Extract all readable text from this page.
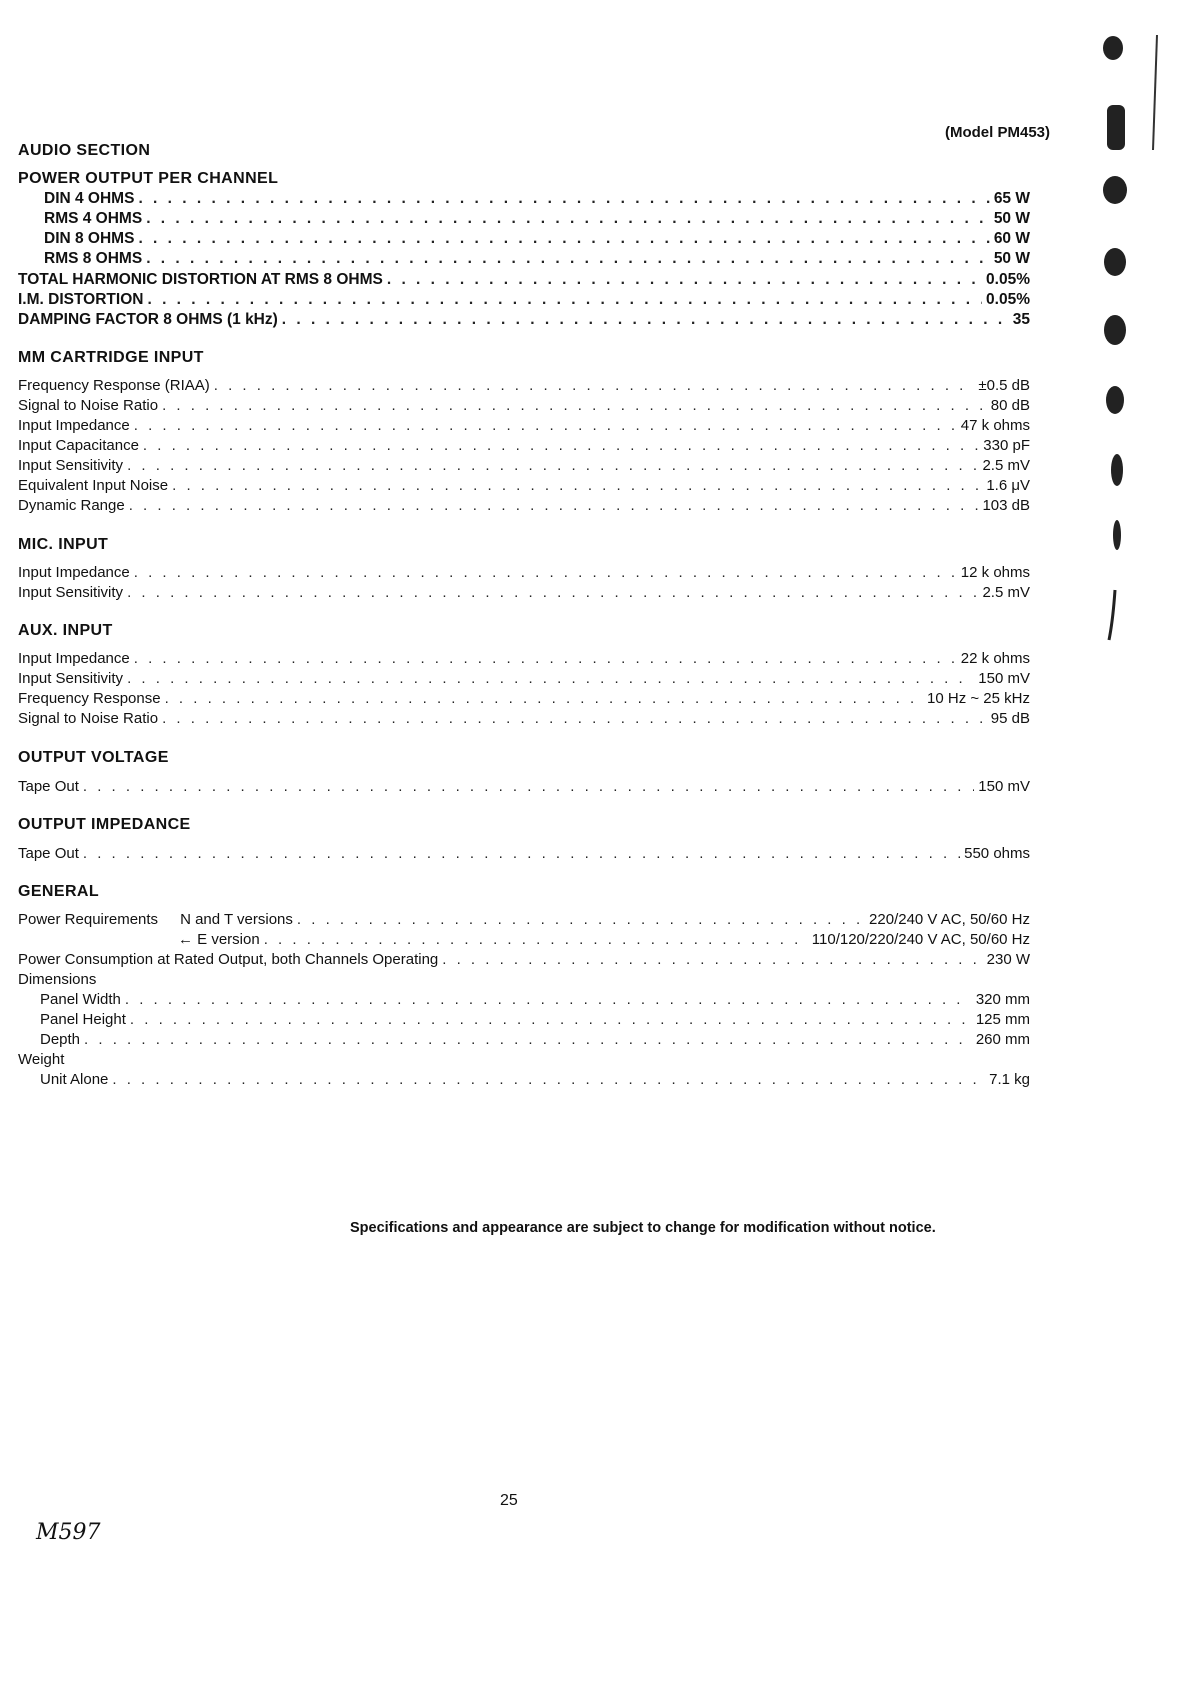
(Model PM453)
AUDIO SECTION
POWER OUTPUT PER CHANNEL
DIN 4 OHMS . . .	65 W
RMS 4 OHMS . . .	50 W
DIN 8 OHMS . . .	60 W
RMS 8 OHMS . . .	50 W
TOTAL HARMONIC DISTORTION AT RMS 8 OHMS . . .	0.05%
I.M. DISTORTION . . .	0.05%
DAMPING FACTOR 8 OHMS (1 kHz) . . .	35
MM CARTRIDGE INPUT
Frequency Response (RIAA) . . .	±0.5 dB
Signal to Noise Ratio . . .	80 dB
Input Impedance . . .	47 k ohms
Input Capacitance . . .	330 pF
Input Sensitivity . . .	2.5 mV
Equivalent Input Noise . . .	1.6 μV
Dynamic Range . . .	103 dB
MIC. INPUT
Input Impedance . . .	12 k ohms
Input Sensitivity . . .	2.5 mV
AUX. INPUT
Input Impedance . . .	22 k ohms
Input Sensitivity . . .	150 mV
Frequency Response . . .	10 Hz ~ 25 kHz
Signal to Noise Ratio . . .	95 dB
OUTPUT VOLTAGE
Tape Out . . .	150 mV
OUTPUT IMPEDANCE
Tape Out . . .	550 ohms
GENERAL
Power Requirements N and T versions . . .	220/240 V AC, 50/60 Hz
← E version . . .	110/120/220/240 V AC, 50/60 Hz
Power Consumption at Rated Output, both Channels Operating . . .	230 W
Dimensions
Panel Width . . .	320 mm
Panel Height . . .	125 mm
Depth . . .	260 mm
Weight
Unit Alone . . .	7.1 kg
Specifications and appearance are subject to change for modification without notice.
25
M597
